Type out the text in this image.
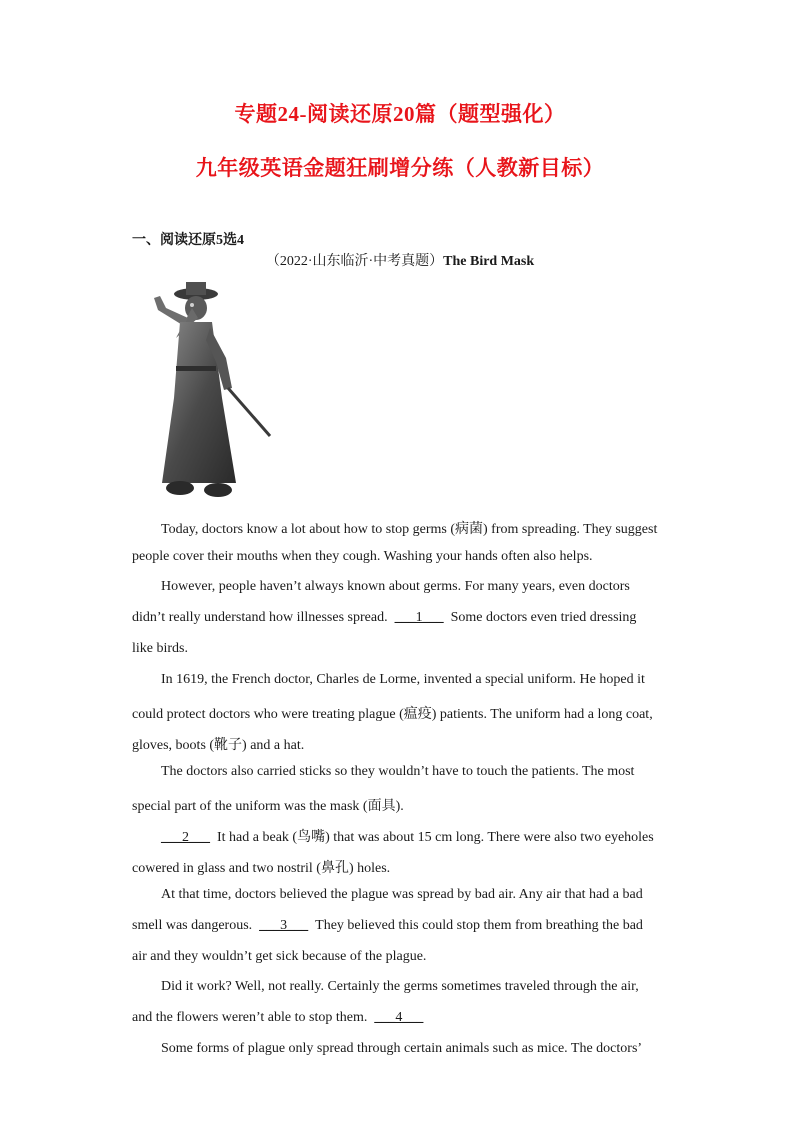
专题24-阅读还原20篇（题型强化）
九年级英语金题狂刷增分练（人教新目标）
一、阅读还原5选4
（2022·山东临沂·中考真题）The Bird Mask
Today, doctors know a lot about how to stop germs (病菌) from spreading. They suggest
people cover their mouths when they cough. Washing your hands often also helps.
However, people haven’t always known about germs. For many years, even doctors
didn’t really understand how illnesses spread. ___1___ Some doctors even tried dressing
like birds.
In 1619, the French doctor, Charles de Lorme, invented a special uniform. He hoped it
could protect doctors who were treating plague (瘟疫) patients. The uniform had a long coat,
gloves, boots (靴子) and a hat.
The doctors also carried sticks so they wouldn’t have to touch the patients. The most
special part of the uniform was the mask (面具).
___2___ It had a beak (鸟嘴) that was about 15 cm long. There were also two eyeholes
cowered in glass and two nostril (鼻孔) holes.
At that time, doctors believed the plague was spread by bad air. Any air that had a bad
smell was dangerous. ___3___ They believed this could stop them from breathing the bad
air and they wouldn’t get sick because of the plague.
Did it work? Well, not really. Certainly the germs sometimes traveled through the air,
and the flowers weren’t able to stop them. ___4___
Some forms of plague only spread through certain animals such as mice. The doctors’
